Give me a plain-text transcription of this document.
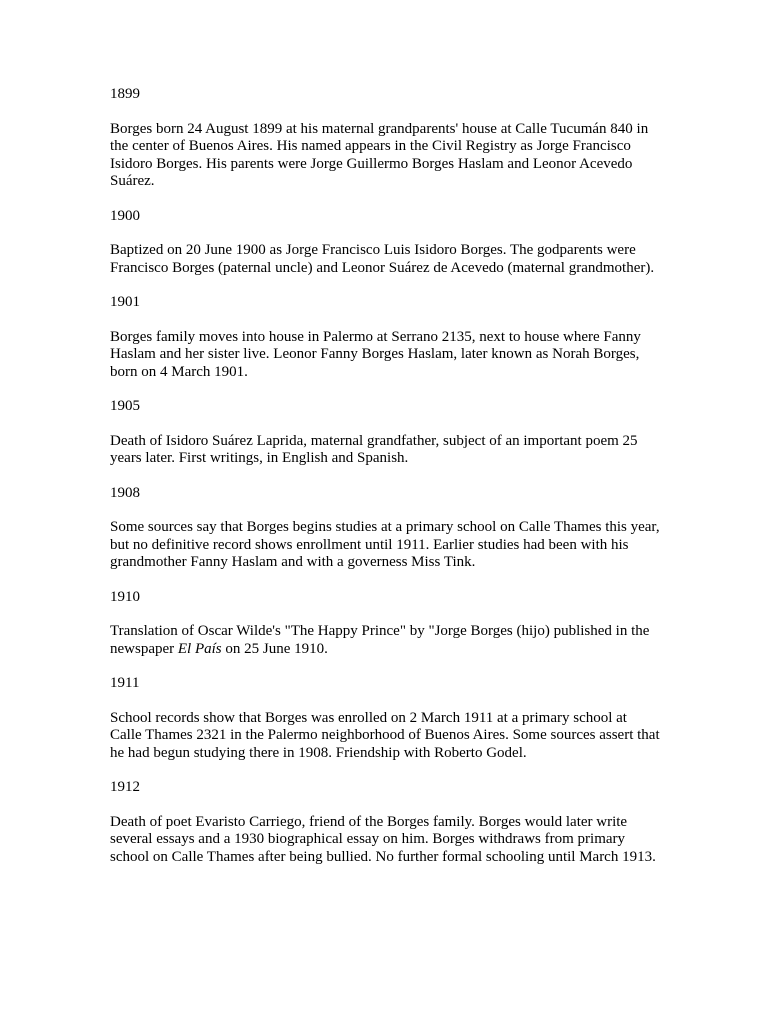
1899

Borges born 24 August 1899 at his maternal grandparents' house at Calle Tucumán 840 in the center of Buenos Aires. His named appears in the Civil Registry as Jorge Francisco Isidoro Borges. His parents were Jorge Guillermo Borges Haslam and Leonor Acevedo Suárez.

1900

Baptized on 20 June 1900 as Jorge Francisco Luis Isidoro Borges. The godparents were Francisco Borges (paternal uncle) and Leonor Suárez de Acevedo (maternal grandmother).

1901

Borges family moves into house in Palermo at Serrano 2135, next to house where Fanny Haslam and her sister live. Leonor Fanny Borges Haslam, later known as Norah Borges, born on 4 March 1901.

1905

Death of Isidoro Suárez Laprida, maternal grandfather, subject of an important poem 25 years later. First writings, in English and Spanish.

1908

Some sources say that Borges begins studies at a primary school on Calle Thames this year, but no definitive record shows enrollment until 1911. Earlier studies had been with his grandmother Fanny Haslam and with a governess Miss Tink.

1910

Translation of Oscar Wilde's "The Happy Prince" by "Jorge Borges (hijo) published in the newspaper El País on 25 June 1910.

1911

School records show that Borges was enrolled on 2 March 1911 at a primary school at Calle Thames 2321 in the Palermo neighborhood of Buenos Aires. Some sources assert that he had begun studying there in 1908. Friendship with Roberto Godel.

1912

Death of poet Evaristo Carriego, friend of the Borges family. Borges would later write several essays and a 1930 biographical essay on him. Borges withdraws from primary school on Calle Thames after being bullied. No further formal schooling until March 1913.
